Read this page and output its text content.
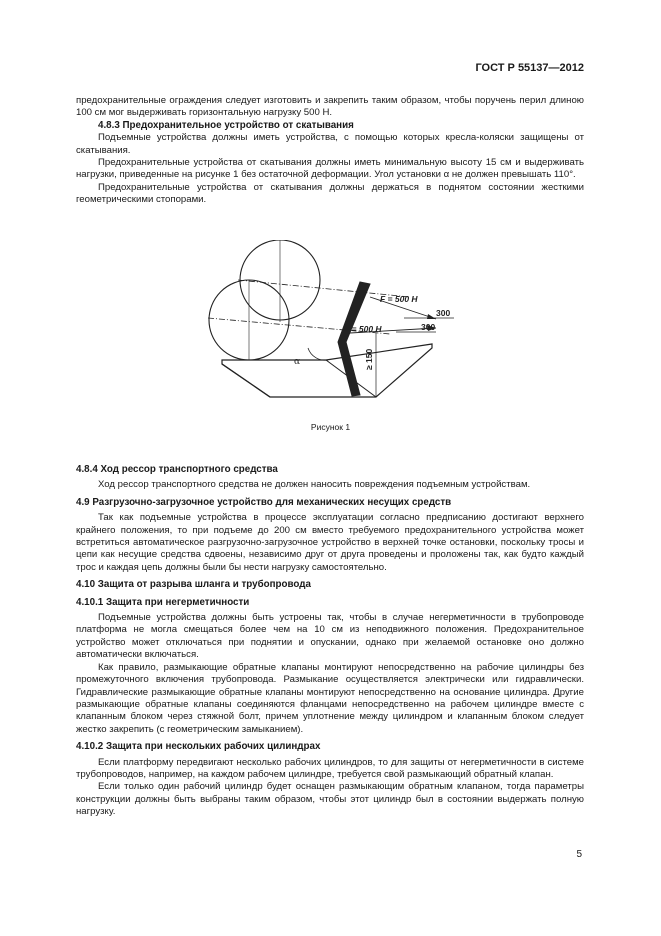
ГОСТ Р 55137—2012

предохранительные ограждения следует изготовить и закрепить таким образом, чтобы поручень перил длиною 100 см мог выдерживать горизонтальную нагрузку 500 Н.

4.8.3 Предохранительное устройство от скатывания

Подъемные устройства должны иметь устройства, с помощью которых кресла-коляски защищены от скатывания.

Предохранительные устройства от скатывания должны иметь минимальную высоту 15 см и выдерживать нагрузки, приведенные на рисунке 1 без остаточной деформации. Угол установки α не должен превышать 110°.

Предохранительные устройства от скатывания должны держаться в поднятом состоянии жесткими геометрическими стопорами.

F = 500 Н
F = 500 Н
300
300
≥ 150
α
Рисунок 1
4.8.4 Ход рессор транспортного средства

Ход рессор транспортного средства не должен наносить повреждения подъемным устройствам.

4.9 Разгрузочно-загрузочное устройство для механических несущих средств

Так как подъемные устройства в процессе эксплуатации согласно предписанию достигают верхнего крайнего положения, то при подъеме до 200 см вместо требуемого предохранительного устройства может встретиться автоматическое разгрузочно-загрузочное устройство в верхней точке остановки, поскольку тросы и цепи как несущие средства сдвоены, независимо друг от друга проведены и проложены так, как будто каждый трос и каждая цепь должны были бы нести нагрузку самостоятельно.

4.10 Защита от разрыва шланга и трубопровода
4.10.1 Защита при негерметичности

Подъемные устройства должны быть устроены так, чтобы в случае негерметичности в трубопроводе платформа не могла смещаться более чем на 10 см из неподвижного положения. Предохранительное устройство может отключаться при поднятии и опускании, однако при желаемой остановке оно должно автоматически включаться.

Как правило, размыкающие обратные клапаны монтируют непосредственно на рабочие цилиндры без промежуточного включения трубопровода. Размыкание осуществляется электрически или гидравлически. Гидравлические размыкающие обратные клапаны монтируют непосредственно на основание цилиндра. Другие размыкающие обратные клапаны соединяются фланцами непосредственно на рабочем цилиндре вместе с клапанным блоком через стяжной болт, причем уплотнение между цилиндром и клапанным блоком следует жестко закрепить (с геометрическим замыканием).

4.10.2 Защита при нескольких рабочих цилиндрах

Если платформу передвигают несколько рабочих цилиндров, то для защиты от негерметичности в системе трубопроводов, например, на каждом рабочем цилиндре, требуется свой размыкающий обратный клапан.

Если только один рабочий цилиндр будет оснащен размыкающим обратным клапаном, тогда параметры конструкции должны быть выбраны таким образом, чтобы этот цилиндр был в состоянии выдержать полную нагрузку.

5
